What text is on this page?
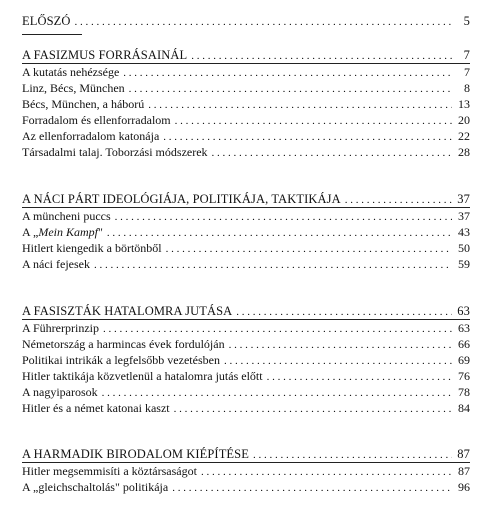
ELŐSZÓ . . .	5
A FASIZMUS FORRÁSAINÁL . . .	7
A kutatás nehézsége . . .	7
Linz, Bécs, München . . .	8
Bécs, München, a háború . . .	13
Forradalom és ellenforradalom . . .	20
Az ellenforradalom katonája . . .	22
Társadalmi talaj. Toborzási módszerek . . .	28
A NÁCI PÁRT IDEOLÓGIÁJA, POLITIKÁJA, TAKTIKÁJA . . .	37
A müncheni puccs . . .	37
A „Mein Kampf" . . .	43
Hitlert kiengedik a börtönből . . .	50
A náci fejesek . . .	59
A FASISZTÁK HATALOMRA JUTÁSA . . .	63
A Führerprinzip . . .	63
Németország a harmincas évek fordulóján . . .	66
Politikai intrikák a legfelsőbb vezetésben . . .	69
Hitler taktikája közvetlenül a hatalomra jutás előtt . . .	76
A nagyiparosok . . .	78
Hitler és a német katonai kaszt . . .	84
A HARMADIK BIRODALOM KIÉPÍTÉSE . . .	87
Hitler megsemmisíti a köztársaságot . . .	87
A „gleichschaltolás" politikája . . .	96
